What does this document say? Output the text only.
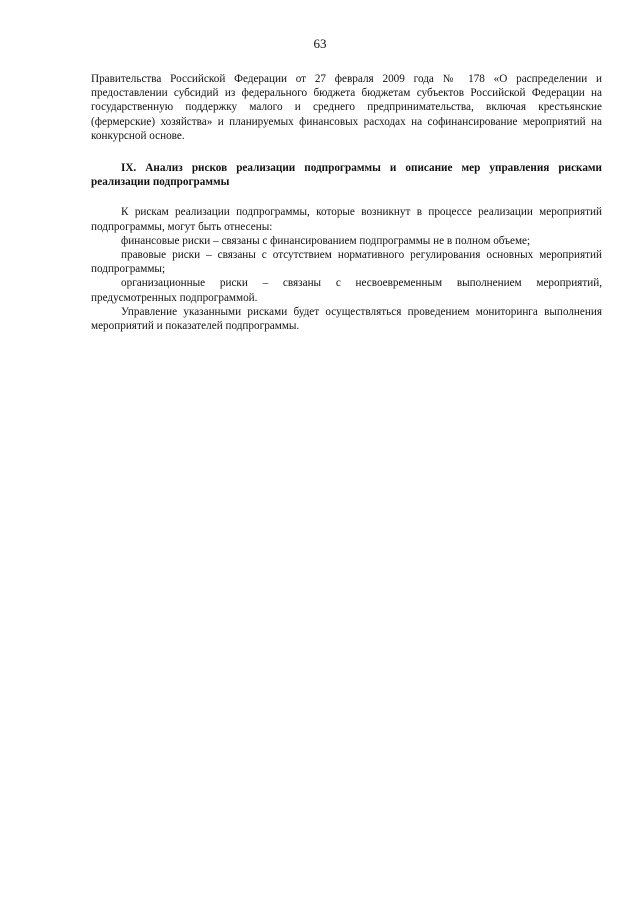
63

Правительства Российской Федерации от 27 февраля 2009 года № 178 «О распределении и предоставлении субсидий из федерального бюджета бюджетам субъектов Российской Федерации на государственную поддержку малого и среднего предпринимательства, включая крестьянские (фермерские) хозяйства» и планируемых финансовых расходах на софинансирование мероприятий на конкурсной основе.

IX. Анализ рисков реализации подпрограммы и описание мер управления рисками реализации подпрограммы

К рискам реализации подпрограммы, которые возникнут в процессе реализации мероприятий подпрограммы, могут быть отнесены:

финансовые риски – связаны с финансированием подпрограммы не в полном объеме;

правовые риски – связаны с отсутствием нормативного регулирования основных мероприятий подпрограммы;

организационные риски – связаны с несвоевременным выполнением мероприятий, предусмотренных подпрограммой.

Управление указанными рисками будет осуществляться проведением мониторинга выполнения мероприятий и показателей подпрограммы.
